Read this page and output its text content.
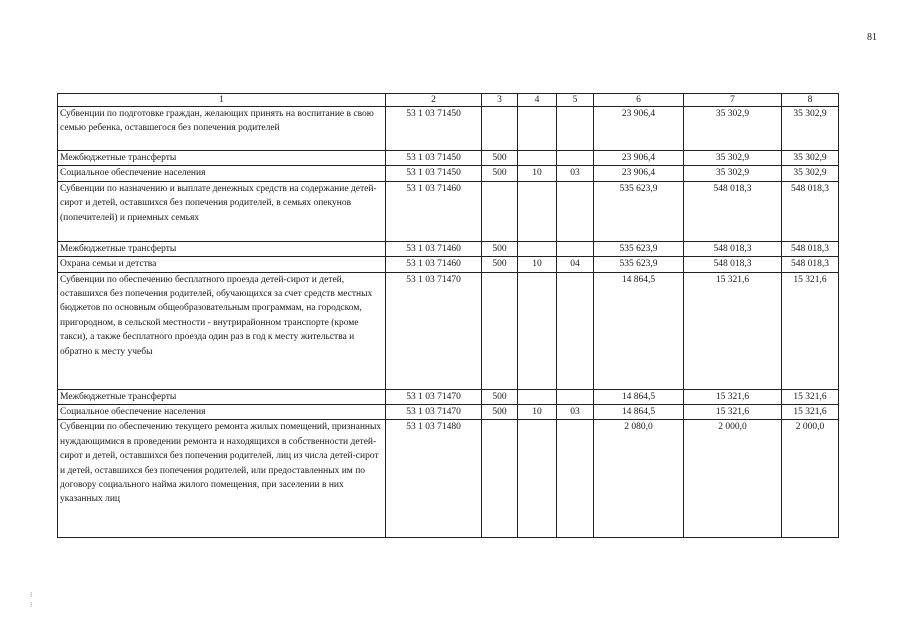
81
1	2	3	4	5	6	7	8
Субвенции по подготовке граждан, желающих принять на воспитание в свою семью ребенка, оставшегося без попечения родителей	53 1 03 71450				23 906,4	35 302,9	35 302,9
Межбюджетные трансферты	53 1 03 71450	500			23 906,4	35 302,9	35 302,9
Социальное обеспечение населения	53 1 03 71450	500	10	03	23 906,4	35 302,9	35 302,9
Субвенции по назначению и выплате денежных средств на содержание детей-сирот и детей, оставшихся без попечения родителей, в семьях опекунов (попечителей) и приемных семьях	53 1 03 71460				535 623,9	548 018,3	548 018,3
Межбюджетные трансферты	53 1 03 71460	500			535 623,9	548 018,3	548 018,3
Охрана семьи и детства	53 1 03 71460	500	10	04	535 623,9	548 018,3	548 018,3
Субвенции по обеспечению бесплатного проезда детей-сирот и детей, оставшихся без попечения родителей, обучающихся за счет средств местных бюджетов по основным общеобразовательным программам, на городском, пригородном, в сельской местности - внутрирайонном транспорте (кроме такси), а также бесплатного проезда один раз в год к месту жительства и обратно к месту учебы	53 1 03 71470				14 864,5	15 321,6	15 321,6
Межбюджетные трансферты	53 1 03 71470	500			14 864,5	15 321,6	15 321,6
Социальное обеспечение населения	53 1 03 71470	500	10	03	14 864,5	15 321,6	15 321,6
Субвенции по обеспечению текущего ремонта жилых помещений, признанных нуждающимися в проведении ремонта и находящихся в собственности детей-сирот и детей, оставшихся без попечения родителей, лиц из числа детей-сирот и детей, оставшихся без попечения родителей, или предоставленных им по договору социального найма жилого помещения, при заселении в них указанных лиц	53 1 03 71480				2 080,0	2 000,0	2 000,0
⁝
⁝
